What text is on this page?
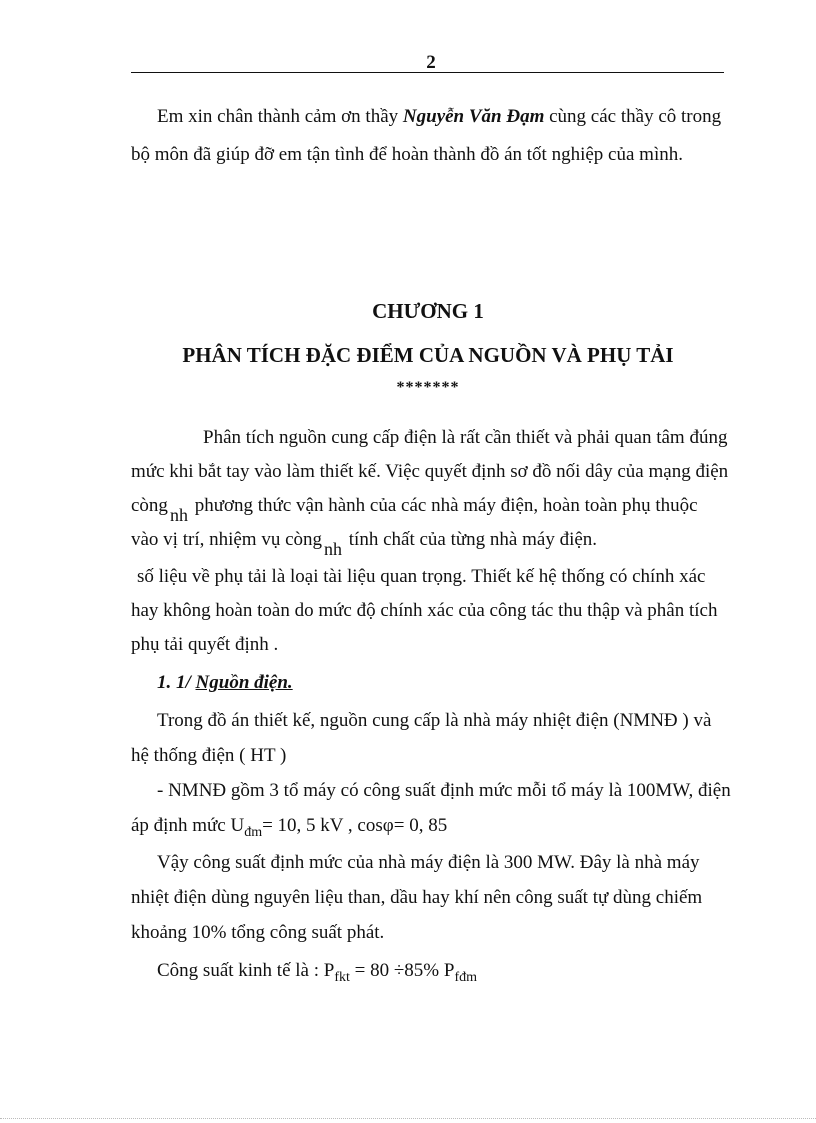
2
Em xin chân thành cảm ơn thầy Nguyễn Văn Đạm cùng các thầy cô trong
bộ môn đã giúp đỡ em tận tình để hoàn thành đồ án tốt nghiệp của mình.
CHƯƠNG 1
PHÂN TÍCH ĐẶC ĐIỂM CỦA NGUỒN VÀ PHỤ TẢI
*******
Phân tích nguồn cung cấp điện là rất cần thiết và phải quan tâm đúng
mức khi bắt tay vào làm thiết kế. Việc quyết định sơ đồ nối dây của mạng điện
còng nh phương thức vận hành của các nhà máy điện, hoàn toàn phụ thuộc
vào vị trí, nhiệm vụ còng nh tính chất của từng nhà máy điện.
số liệu về phụ tải là loại tài liệu quan trọng. Thiết kế hệ thống có chính xác
hay không hoàn toàn do mức độ chính xác của công tác thu thập và phân tích
phụ tải quyết định .
1. 1/ Nguồn điện.
Trong đồ án thiết kế, nguồn cung cấp là nhà máy nhiệt điện (NMNĐ ) và
hệ thống điện ( HT )
- NMNĐ gồm 3 tổ máy có công suất định mức mỗi tổ máy là 100MW, điện
áp định mức $U_{đm}= 10$, 5 kV , cosφ= 0, 85
Vậy công suất định mức của nhà máy điện là 300 MW. Đây là nhà máy
nhiệt điện dùng nguyên liệu than, dầu hay khí nên công suất tự dùng chiếm
khoảng 10% tổng công suất phát.
Công suất kinh tế là : $P_{fkt} = 80 \div 85\%$ $P_{fđm}$
